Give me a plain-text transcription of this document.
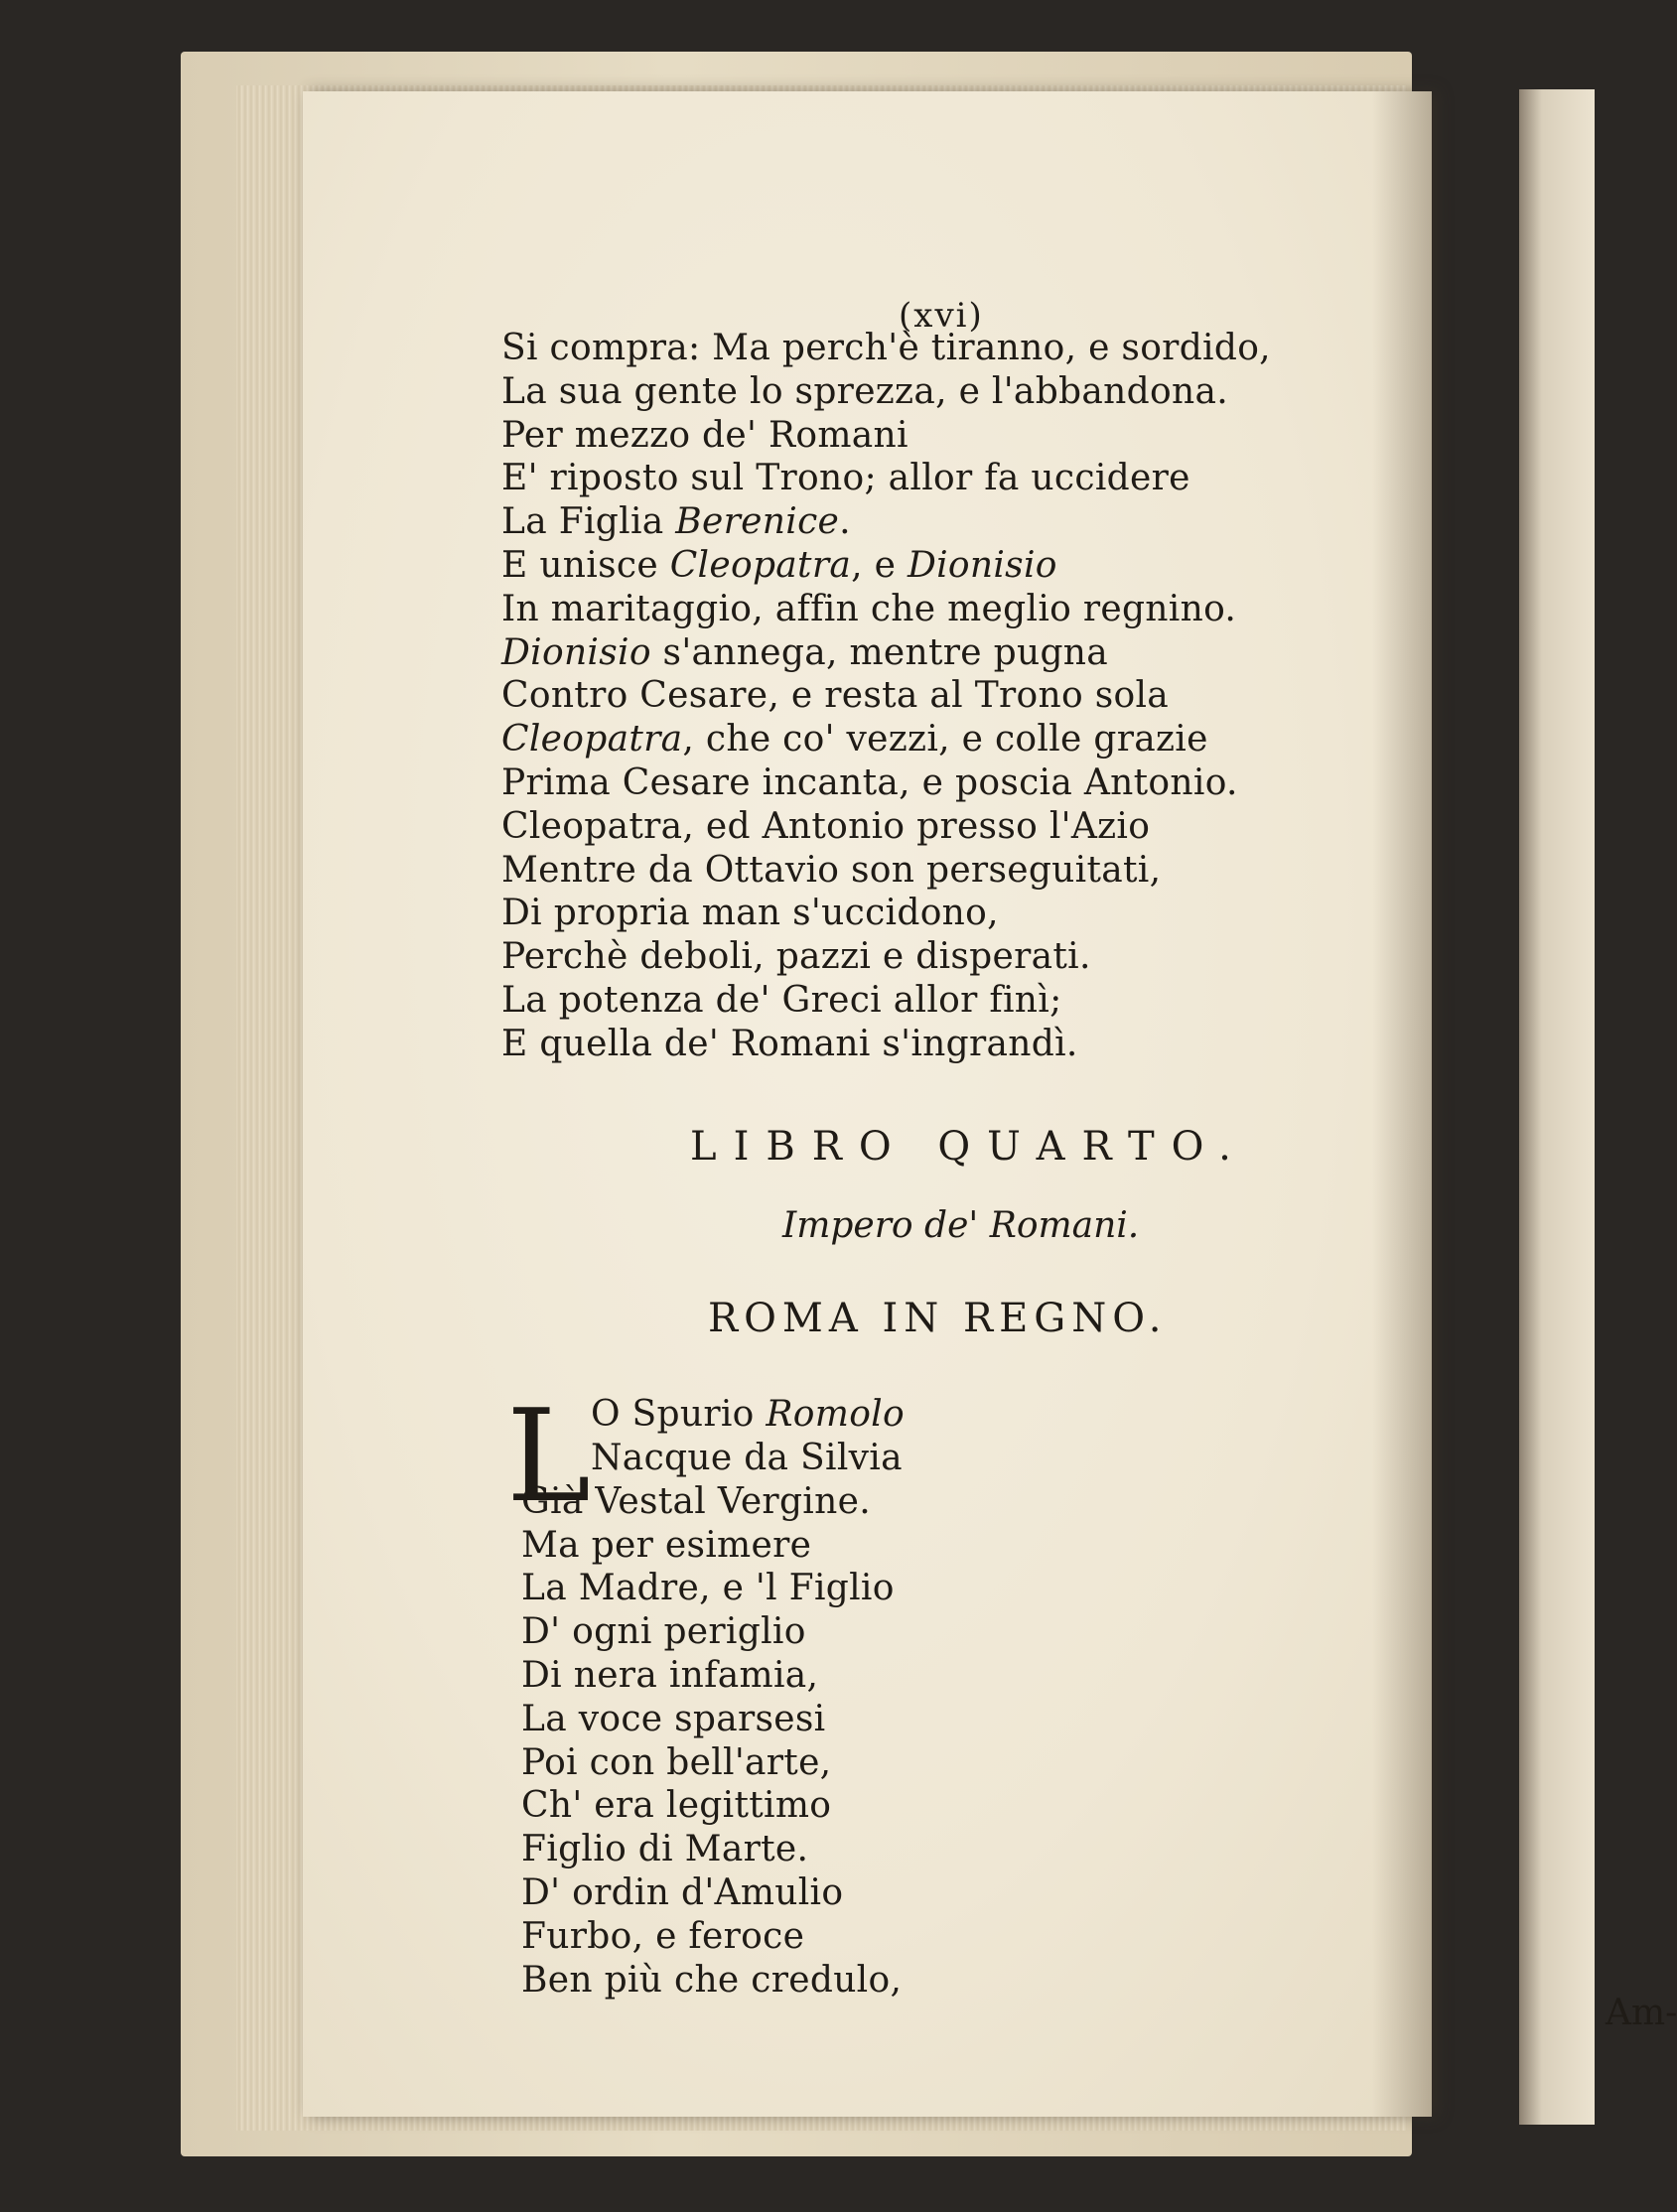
(xvi)
Si compra: Ma perch'è tiranno, e sordido,
La sua gente lo sprezza, e l'abbandona.
Per mezzo de' Romani
E' riposto sul Trono; allor fa uccidere
La Figlia Berenice.
E unisce Cleopatra, e Dionisio
In maritaggio, affin che meglio regnino.
Dionisio s'annega, mentre pugna
Contro Cesare, e resta al Trono sola
Cleopatra, che co' vezzi, e colle grazie
Prima Cesare incanta, e poscia Antonio.
Cleopatra, ed Antonio presso l'Azio
Mentre da Ottavio son perseguitati,
Di propria man s'uccidono,
Perchè deboli, pazzi e disperati.
La potenza de' Greci allor finì;
E quella de' Romani s'ingrandì.
LIBRO QUARTO.
Impero de' Romani.
ROMA IN REGNO.
L O Spurio Romolo
Nacque da Silvia
Già Vestal Vergine.
Ma per esimere
La Madre, e 'l Figlio
D' ogni periglio
Di nera infamia,
La voce sparsesi
Poi con bell'arte,
Ch' era legittimo
Figlio di Marte.
D' ordin d'Amulio
Furbo, e feroce
Ben più che credulo,
Am-
